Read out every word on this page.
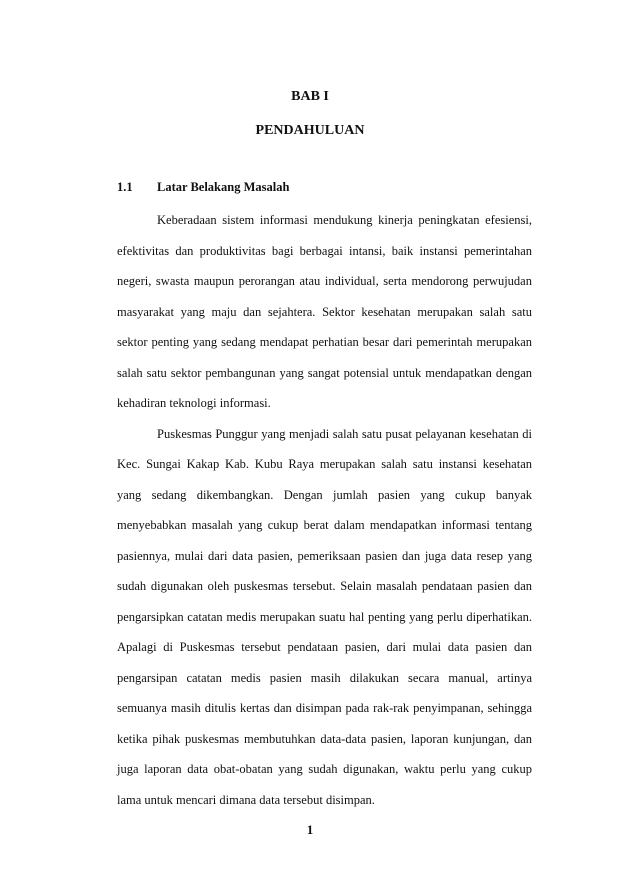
BAB I
PENDAHULUAN
1.1 Latar Belakang Masalah

Keberadaan sistem informasi mendukung kinerja peningkatan efesiensi, efektivitas dan produktivitas bagi berbagai intansi, baik instansi pemerintahan negeri, swasta maupun perorangan atau individual, serta mendorong perwujudan masyarakat yang maju dan sejahtera. Sektor kesehatan merupakan salah satu sektor penting yang sedang mendapat perhatian besar dari pemerintah merupakan salah satu sektor pembangunan yang sangat potensial untuk mendapatkan dengan kehadiran teknologi informasi.

Puskesmas Punggur yang menjadi salah satu pusat pelayanan kesehatan di Kec. Sungai Kakap Kab. Kubu Raya merupakan salah satu instansi kesehatan yang sedang dikembangkan. Dengan jumlah pasien yang cukup banyak menyebabkan masalah yang cukup berat dalam mendapatkan informasi tentang pasiennya, mulai dari data pasien, pemeriksaan pasien dan juga data resep yang sudah digunakan oleh puskesmas tersebut. Selain masalah pendataan pasien dan pengarsipkan catatan medis merupakan suatu hal penting yang perlu diperhatikan. Apalagi di Puskesmas tersebut pendataan pasien, dari mulai data pasien dan pengarsipan catatan medis pasien masih dilakukan secara manual, artinya semuanya masih ditulis kertas dan disimpan pada rak-rak penyimpanan, sehingga ketika pihak puskesmas membutuhkan data-data pasien, laporan kunjungan, dan juga laporan data obat-obatan yang sudah digunakan, waktu perlu yang cukup lama untuk mencari dimana data tersebut disimpan.

1
